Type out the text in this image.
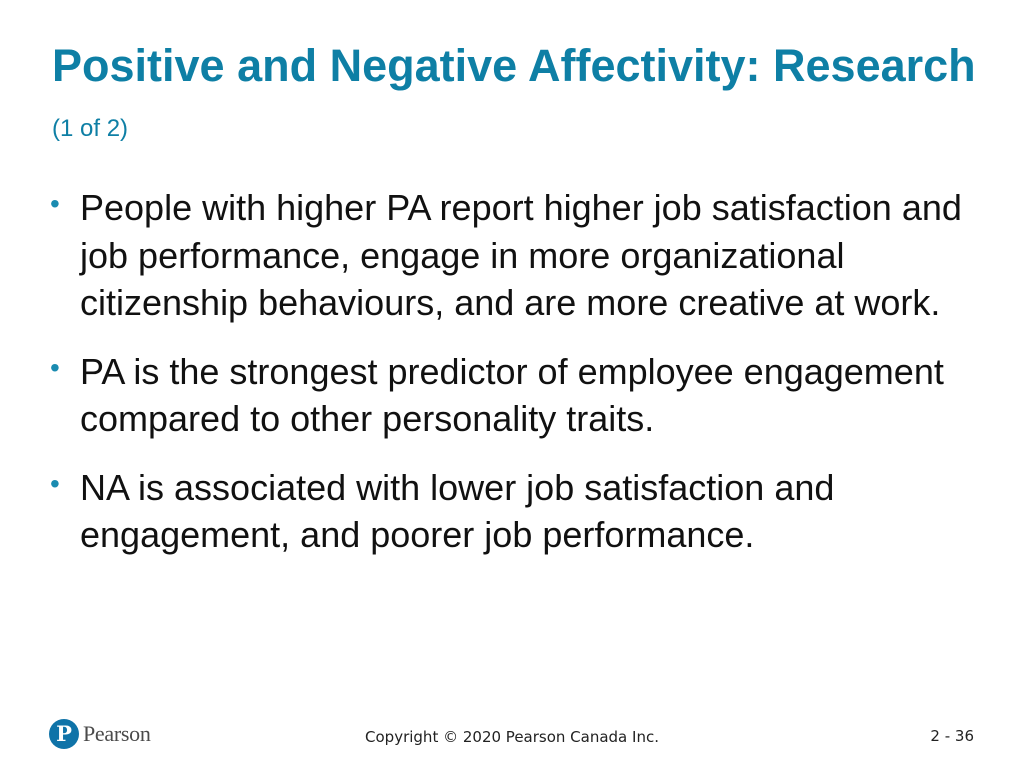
Positive and Negative Affectivity: Research (1 of 2)
• People with higher PA report higher job satisfaction and job performance, engage in more organizational citizenship behaviours, and are more creative at work.
• PA is the strongest predictor of employee engagement compared to other personality traits.
• NA is associated with lower job satisfaction and engagement, and poorer job performance.
P Pearson	Copyright © 2020 Pearson Canada Inc.	2 - 36
